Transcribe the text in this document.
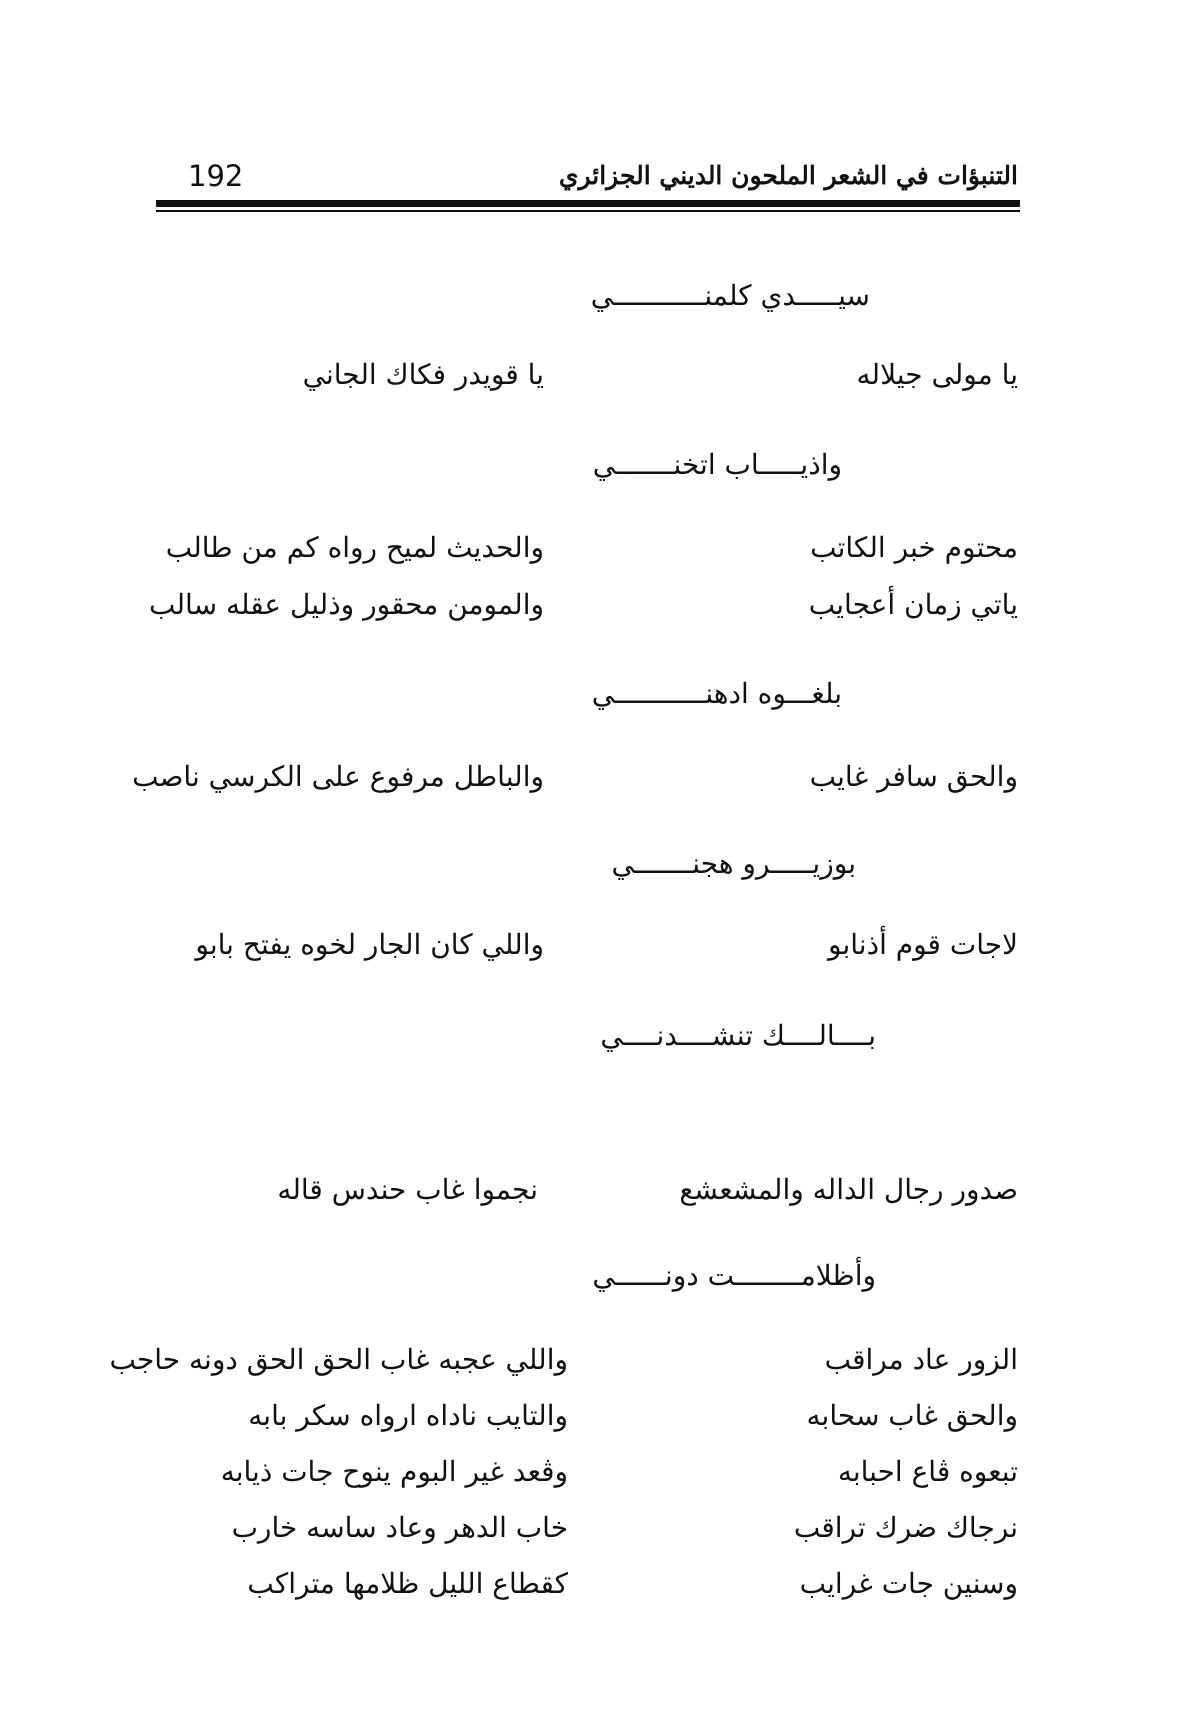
192	التنبؤات في الشعر الملحون الديني الجزائري
سيـــــدي كلمنـــــــــــي
يا مولى جيلاله
يا قويدر فكاك الجاني
واذيـــــاب اتخنـــــــي
محتوم خبر الكاتب
والحديث لميح رواه كم من طالب
ياتي زمان أعجايب
والمومن محقور وذليل عقله سالب
بلغـــوه ادهنـــــــــــي
والحق سافر غايب
والباطل مرفوع على الكرسي ناصب
بوزيـــــرو هجنـــــــي
لاجات قوم أذنابو
واللي كان الجار لخوه يفتح بابو
بــــالــــك تنشــــدنــــي
صدور رجال الداله والمشعشع
نجموا غاب حندس قاله
وأظلامــــــــت دونــــــي
الزور عاد مراقب
واللي عجبه غاب الحق الحق دونه حاجب
والحق غاب سحابه
والتايب ناداه ارواه سكر بابه
تبعوه ڤاع احبابه
وڤعد غير البوم ينوح جات ذيابه
نرجاك ضرك تراقب
خاب الدهر وعاد ساسه خارب
وسنين جات غرايب
كقطاع الليل ظلامها متراكب
